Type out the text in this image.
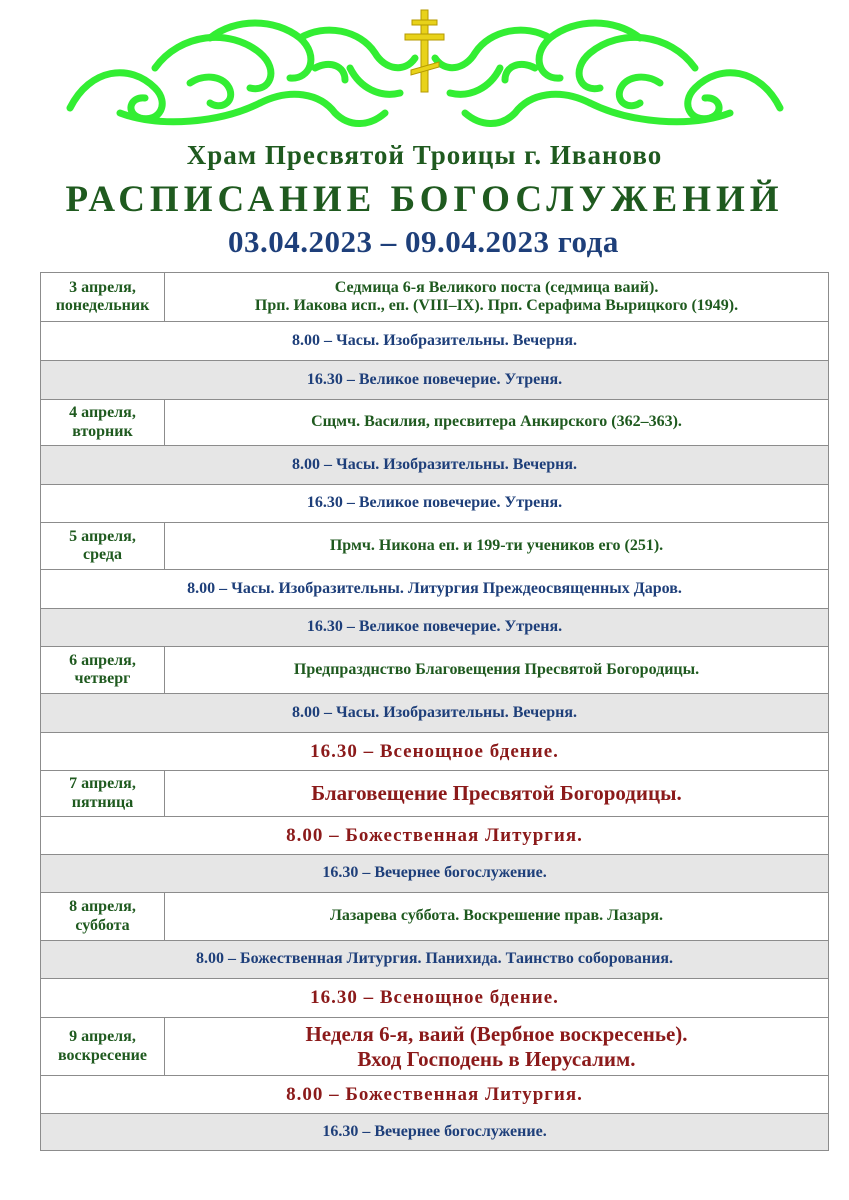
Храм Пресвятой Троицы г. Иваново
РАСПИСАНИЕ БОГОСЛУЖЕНИЙ
03.04.2023 – 09.04.2023 года
3 апреля,
понедельник	Седмица 6-я Великого поста (седмица ваий).
Прп. Иакова исп., еп. (VIII–IX). Прп. Серафима Вырицкого (1949).

8.00 – Часы. Изобразительны. Вечерня.	
16.30 – Великое повечерие. Утреня.	

4 апреля,
вторник	Сщмч. Василия, пресвитера Анкирского (362–363).

8.00 – Часы. Изобразительны. Вечерня.	
16.30 – Великое повечерие. Утреня.	

5 апреля,
среда	Прмч. Никона еп. и 199-ти учеников его (251).

8.00 – Часы. Изобразительны. Литургия Преждеосвященных Даров.	
16.30 – Великое повечерие. Утреня.	

6 апреля,
четверг	Предпразднство Благовещения Пресвятой Богородицы.

8.00 – Часы. Изобразительны. Вечерня.	
16.30 – Всенощное бдение.	

7 апреля,
пятница	Благовещение Пресвятой Богородицы.

8.00 – Божественная Литургия.	
16.30 – Вечернее богослужение.	

8 апреля,
суббота	Лазарева суббота. Воскрешение прав. Лазаря.

8.00 – Божественная Литургия. Панихида. Таинство соборования.	
16.30 – Всенощное бдение.	

9 апреля,
воскресение	Неделя 6-я, ваий (Вербное воскресенье).
Вход Господень в Иерусалим.

8.00 – Божественная Литургия.	
16.30 – Вечернее богослужение.	
